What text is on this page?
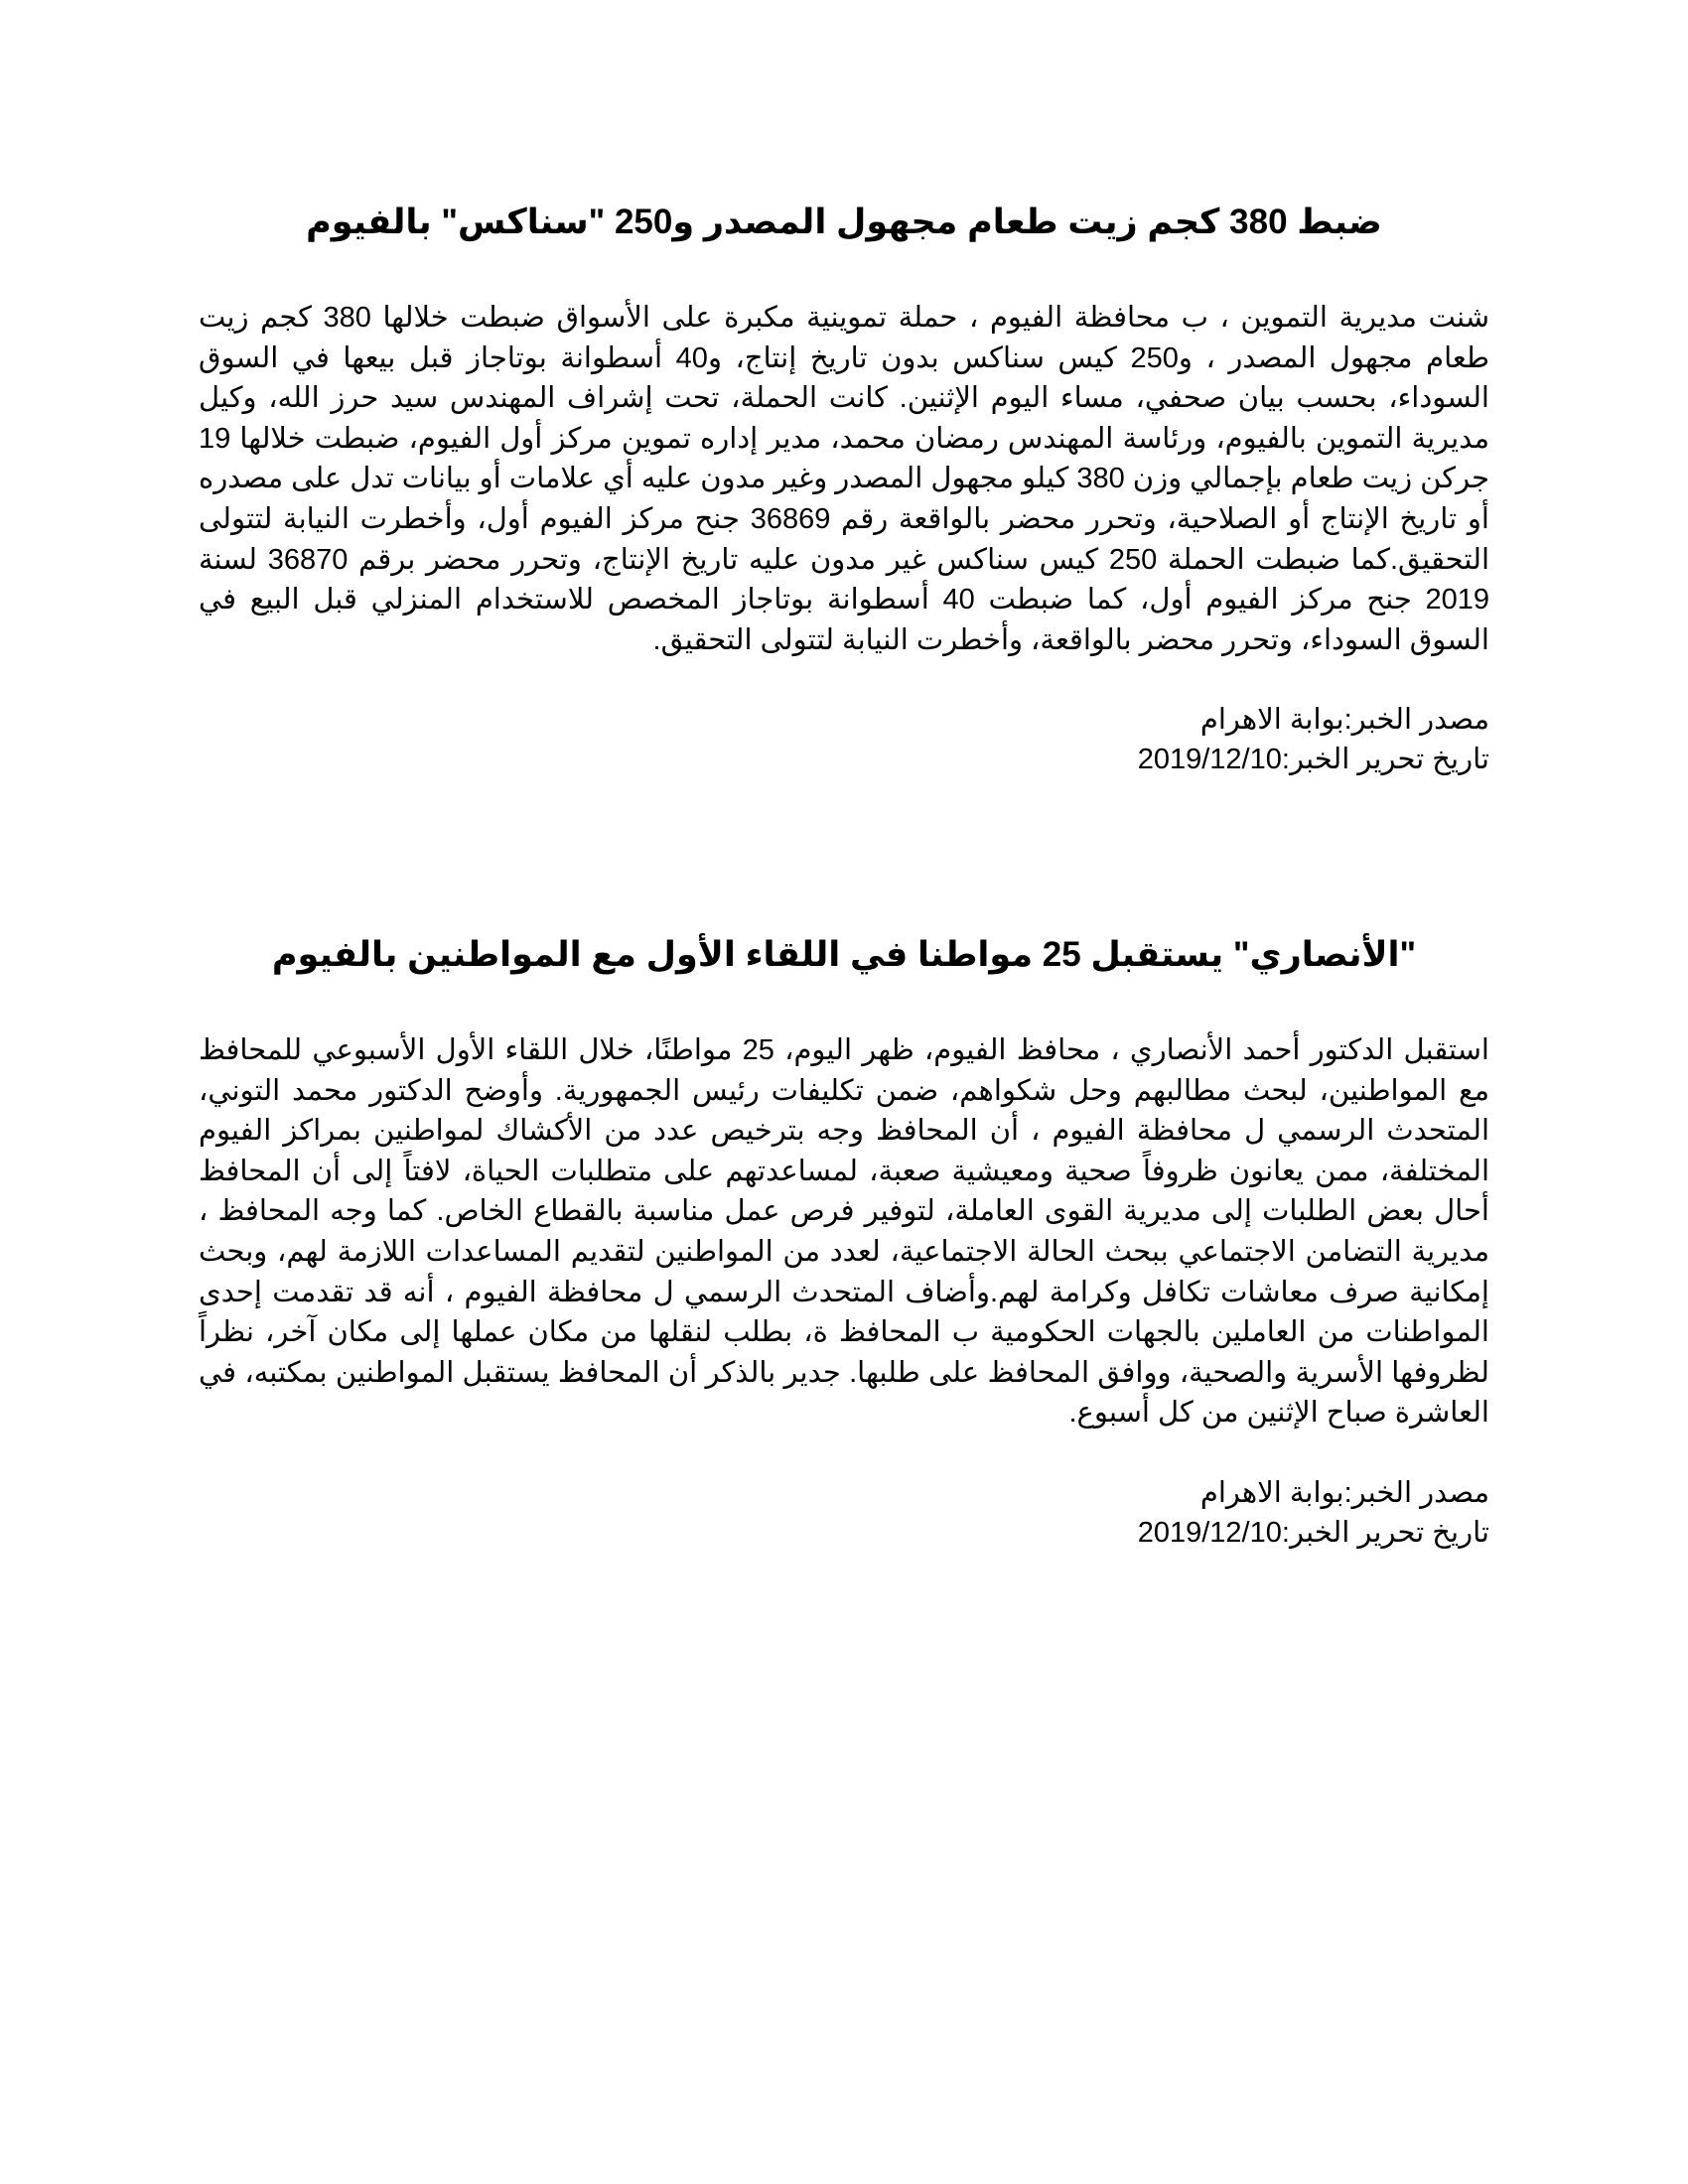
ضبط 380 كجم زيت طعام مجهول المصدر و250 "سناكس" بالفيوم

شنت مديرية التموين ، ب محافظة الفيوم ، حملة تموينية مكبرة على الأسواق ضبطت خلالها 380 كجم زيت طعام مجهول المصدر ، و250 كيس سناكس بدون تاريخ إنتاج، و40 أسطوانة بوتاجاز قبل بيعها في السوق السوداء، بحسب بيان صحفي، مساء اليوم الإثنين. كانت الحملة، تحت إشراف المهندس سيد حرز الله، وكيل مديرية التموين بالفيوم، ورئاسة المهندس رمضان محمد، مدير إداره تموين مركز أول الفيوم، ضبطت خلالها 19 جركن زيت طعام بإجمالي وزن 380 كيلو مجهول المصدر وغير مدون عليه أي علامات أو بيانات تدل على مصدره أو تاريخ الإنتاج أو الصلاحية، وتحرر محضر بالواقعة رقم 36869 جنح مركز الفيوم أول، وأخطرت النيابة لتتولى التحقيق.كما ضبطت الحملة 250 كيس سناكس غير مدون عليه تاريخ الإنتاج، وتحرر محضر برقم 36870 لسنة 2019 جنح مركز الفيوم أول، كما ضبطت 40 أسطوانة بوتاجاز المخصص للاستخدام المنزلي قبل البيع في السوق السوداء، وتحرر محضر بالواقعة، وأخطرت النيابة لتتولى التحقيق.

مصدر الخبر:بوابة الاهرام
تاريخ تحرير الخبر:2019/12/10
"الأنصاري" يستقبل 25 مواطنا في اللقاء الأول مع المواطنين بالفيوم

استقبل الدكتور أحمد الأنصاري ، محافظ الفيوم، ظهر اليوم، 25 مواطنًا، خلال اللقاء الأول الأسبوعي للمحافظ مع المواطنين، لبحث مطالبهم وحل شكواهم، ضمن تكليفات رئيس الجمهورية. وأوضح الدكتور محمد التوني، المتحدث الرسمي ل محافظة الفيوم ، أن المحافظ وجه بترخيص عدد من الأكشاك لمواطنين بمراكز الفيوم المختلفة، ممن يعانون ظروفاً صحية ومعيشية صعبة، لمساعدتهم على متطلبات الحياة، لافتاً إلى أن المحافظ أحال بعض الطلبات إلى مديرية القوى العاملة، لتوفير فرص عمل مناسبة بالقطاع الخاص. كما وجه المحافظ ، مديرية التضامن الاجتماعي ببحث الحالة الاجتماعية، لعدد من المواطنين لتقديم المساعدات اللازمة لهم، وبحث إمكانية صرف معاشات تكافل وكرامة لهم.وأضاف المتحدث الرسمي ل محافظة الفيوم ، أنه قد تقدمت إحدى المواطنات من العاملين بالجهات الحكومية ب المحافظ ة، بطلب لنقلها من مكان عملها إلى مكان آخر، نظراً لظروفها الأسرية والصحية، ووافق المحافظ على طلبها. جدير بالذكر أن المحافظ يستقبل المواطنين بمكتبه، في العاشرة صباح الإثنين من كل أسبوع.

مصدر الخبر:بوابة الاهرام
تاريخ تحرير الخبر:2019/12/10
